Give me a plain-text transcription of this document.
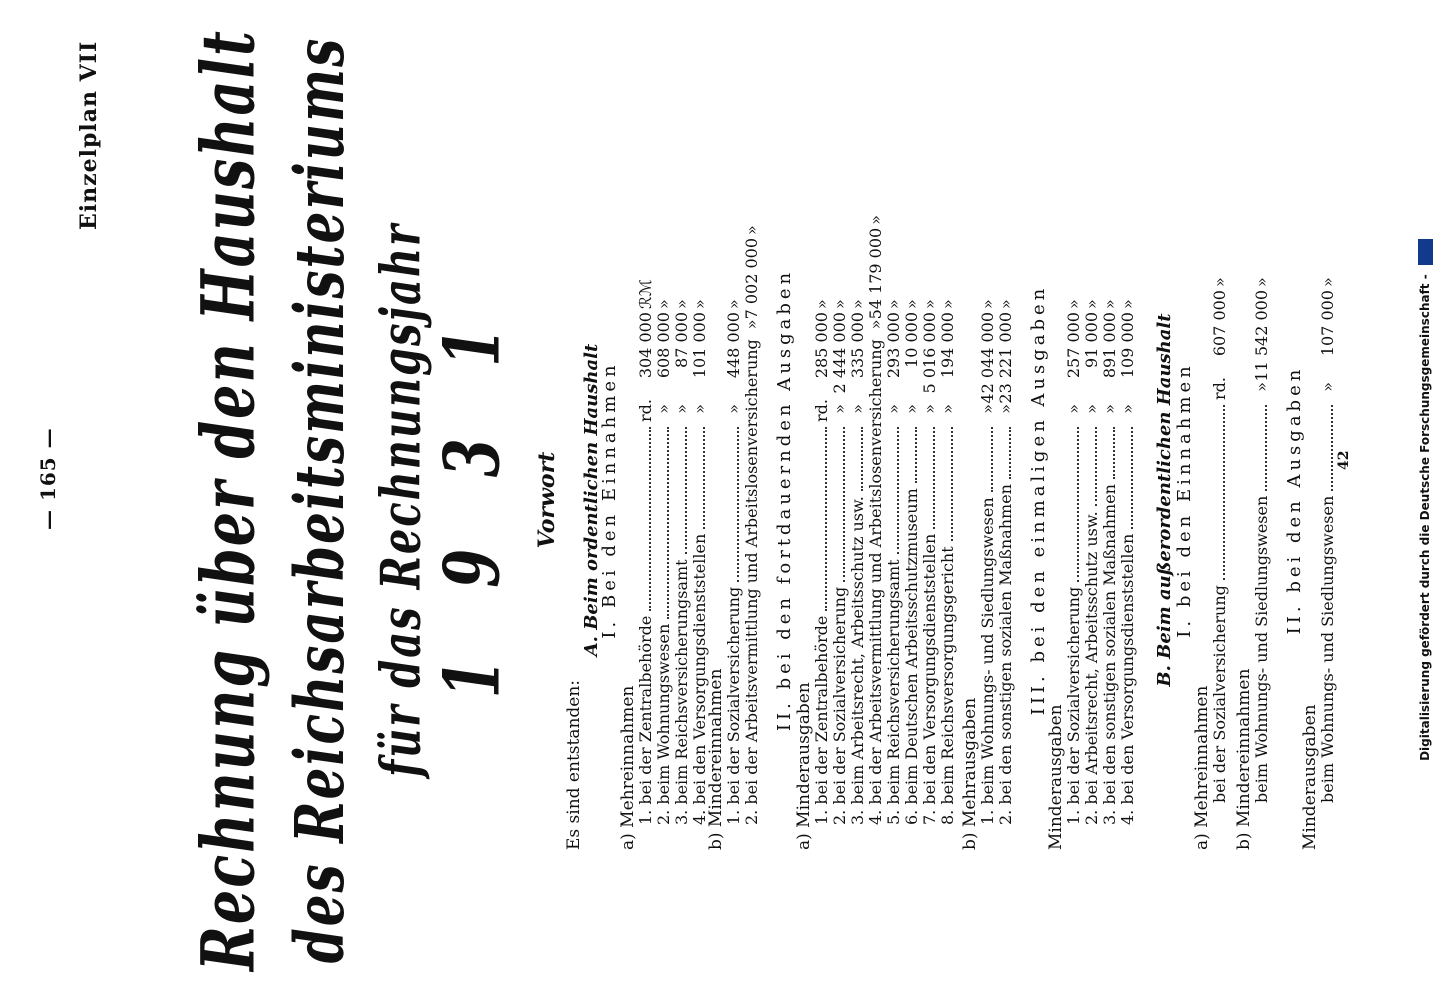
— 165 —
Einzelplan VII Rechnung über den Haushalt des Reichsarbeitsministeriums für das Rechnungsjahr
1 9 3 1 Vorwort
Es sind entstanden:
A. Beim ordentlichen Haushalt
I. Bei den Einnahmen
a) Mehreinnahmen
1. bei der Zentralbehörde
rd.
304 000
ℛℳ
2. beim Wohnungswesen
»
608 000
»
3. beim Reichsversicherungsamt
»
87 000
»
4. bei den Versorgungsdienststellen
»
101 000
»
b) Mindereinnahmen
1. bei der Sozialversicherung
»
448 000
»
2. bei der Arbeitsvermittlung und Arbeitslosenversicherung
»
7 002 000
»
II. bei den fortdauernden Ausgaben
a) Minderausgaben
1. bei der Zentralbehörde
rd.
285 000
»
2. bei der Sozialversicherung
»
2 444 000
»
3. beim Arbeitsrecht, Arbeitsschutz usw.
»
335 000
»
4. bei der Arbeitsvermittlung und Arbeitslosenversicherung
»
54 179 000
»
5. beim Reichsversicherungsamt
»
293 000
»
6. beim Deutschen Arbeitsschutzmuseum
»
10 000
»
7. bei den Versorgungsdienststellen
»
5 016 000
»
8. beim Reichsversorgungsgericht
»
194 000
»
b) Mehrausgaben
1. beim Wohnungs- und Siedlungswesen
»
42 044 000
»
2. bei den sonstigen sozialen Maßnahmen
»
23 221 000
» III. bei den einmaligen Ausgaben
Minderausgaben
1. bei der Sozialversicherung
»
257 000
»
2. bei Arbeitsrecht, Arbeitsschutz usw.
»
91 000
»
3. bei den sonstigen sozialen Maßnahmen
»
891 000
»
4. bei den Versorgungsdienststellen
»
109 000
»
B. Beim außerordentlichen Haushalt I. bei den Einnahmen
a) Mehreinnahmen
bei der Sozialversicherung
rd.
607 000
»
b) Mindereinnahmen
beim Wohnungs- und Siedlungswesen
»
11 542 000
»
II. bei den Ausgaben
Minderausgaben
beim Wohnungs- und Siedlungswesen
»
107 000
»
42	Digitalisierung gefördert durch die Deutsche Forschungsgemeinschaft -
